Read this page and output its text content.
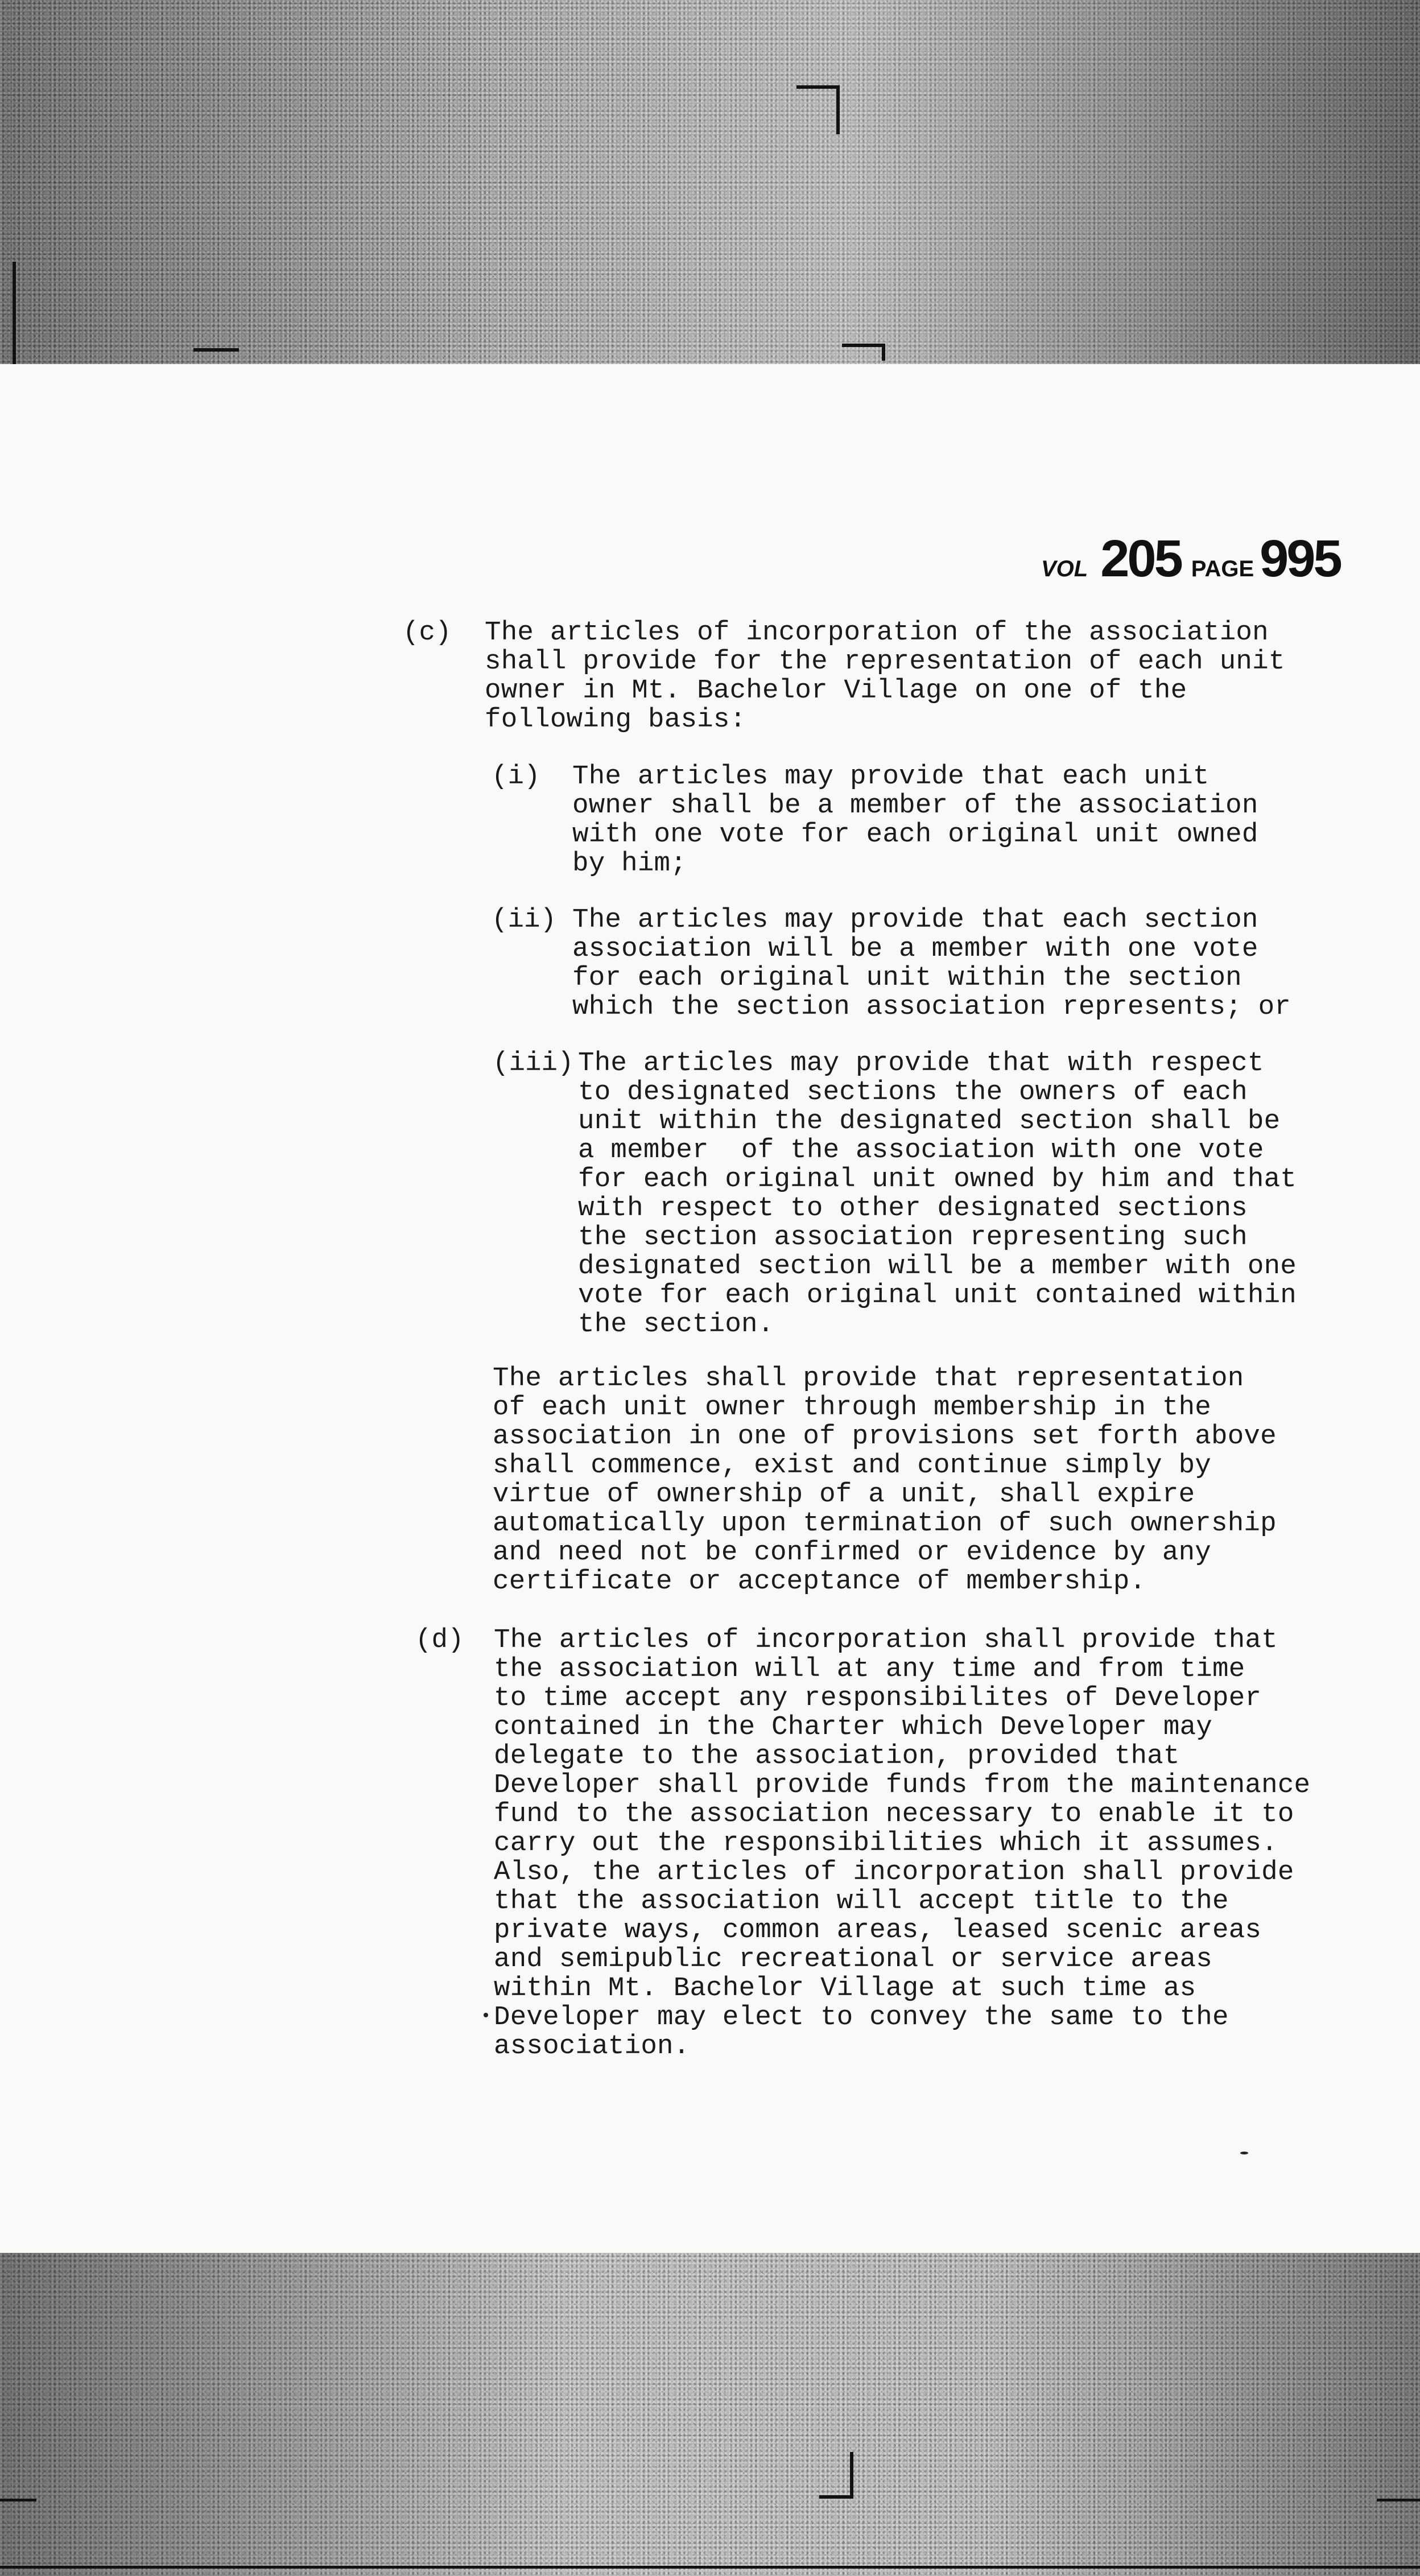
VOL 205 PAGE 995
(c) The articles of incorporation of the association
shall provide for the representation of each unit
owner in Mt. Bachelor Village on one of the
following basis:
(i) The articles may provide that each unit
owner shall be a member of the association
with one vote for each original unit owned
by him;
(ii) The articles may provide that each section
association will be a member with one vote
for each original unit within the section
which the section association represents; or
(iii) The articles may provide that with respect
to designated sections the owners of each
unit within the designated section shall be
a member  of the association with one vote
for each original unit owned by him and that
with respect to other designated sections
the section association representing such
designated section will be a member with one
vote for each original unit contained within
the section.
The articles shall provide that representation
of each unit owner through membership in the
association in one of provisions set forth above
shall commence, exist and continue simply by
virtue of ownership of a unit, shall expire
automatically upon termination of such ownership
and need not be confirmed or evidence by any
certificate or acceptance of membership.
(d) The articles of incorporation shall provide that
the association will at any time and from time
to time accept any responsibilites of Developer
contained in the Charter which Developer may
delegate to the association, provided that
Developer shall provide funds from the maintenance
fund to the association necessary to enable it to
carry out the responsibilities which it assumes.
Also, the articles of incorporation shall provide
that the association will accept title to the
private ways, common areas, leased scenic areas
and semipublic recreational or service areas
within Mt. Bachelor Village at such time as
Developer may elect to convey the same to the
association.
